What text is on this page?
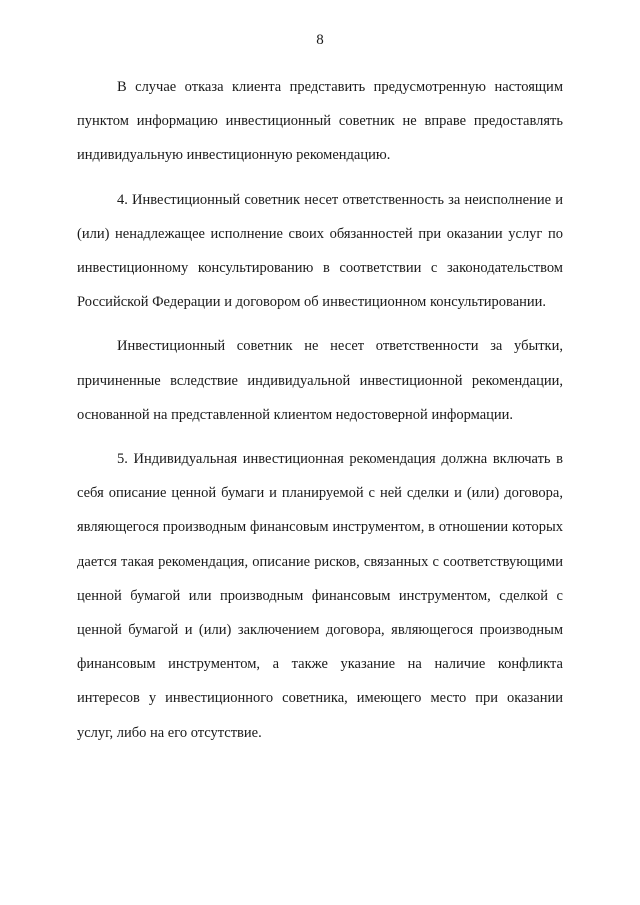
8

В случае отказа клиента представить предусмотренную настоящим пунктом информацию инвестиционный советник не вправе предоставлять индивидуальную инвестиционную рекомендацию.

4. Инвестиционный советник несет ответственность за неисполнение и (или) ненадлежащее исполнение своих обязанностей при оказании услуг по инвестиционному консультированию в соответствии с законодательством Российской Федерации и договором об инвестиционном консультировании.

Инвестиционный советник не несет ответственности за убытки, причиненные вследствие индивидуальной инвестиционной рекомендации, основанной на представленной клиентом недостоверной информации.

5. Индивидуальная инвестиционная рекомендация должна включать в себя описание ценной бумаги и планируемой с ней сделки и (или) договора, являющегося производным финансовым инструментом, в отношении которых дается такая рекомендация, описание рисков, связанных с соответствующими ценной бумагой или производным финансовым инструментом, сделкой с ценной бумагой и (или) заключением договора, являющегося производным финансовым инструментом, а также указание на наличие конфликта интересов у инвестиционного советника, имеющего место при оказании услуг, либо на его отсутствие.
